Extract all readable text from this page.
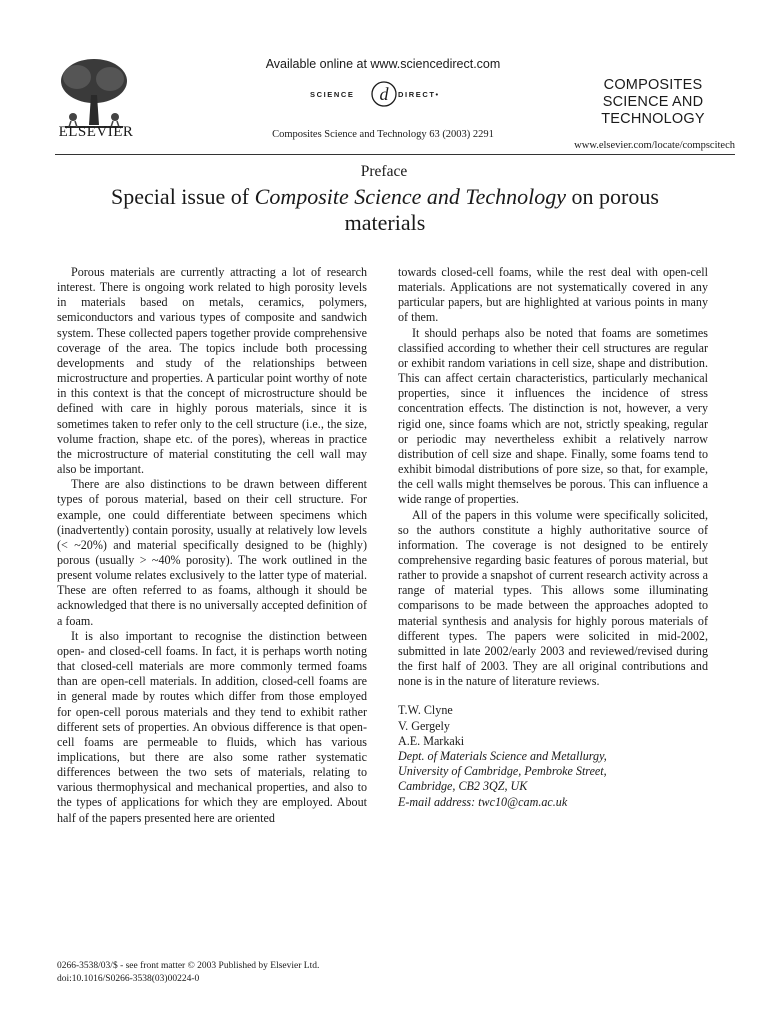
ELSEVIER
Available online at www.sciencedirect.com
SCIENCE d DIRECT•
Composites Science and Technology 63 (2003) 2291
COMPOSITES
SCIENCE AND
TECHNOLOGY
www.elsevier.com/locate/compscitech
Preface
Special issue of Composite Science and Technology on porous materials

Porous materials are currently attracting a lot of research interest. There is ongoing work related to high porosity levels in materials based on metals, ceramics, polymers, semiconductors and various types of composite and sandwich system. These collected papers together provide comprehensive coverage of the area. The topics include both processing developments and study of the relationships between microstructure and properties. A particular point worthy of note in this context is that the concept of microstructure should be defined with care in highly porous materials, since it is sometimes taken to refer only to the cell structure (i.e., the size, volume fraction, shape etc. of the pores), whereas in practice the microstructure of material constituting the cell wall may also be important.

There are also distinctions to be drawn between different types of porous material, based on their cell structure. For example, one could differentiate between specimens which (inadvertently) contain porosity, usually at relatively low levels (< ~20%) and material specifically designed to be (highly) porous (usually > ~40% porosity). The work outlined in the present volume relates exclusively to the latter type of material. These are often referred to as foams, although it should be acknowledged that there is no universally accepted definition of a foam.

It is also important to recognise the distinction between open- and closed-cell foams. In fact, it is perhaps worth noting that closed-cell materials are more commonly termed foams than are open-cell materials. In addition, closed-cell foams are in general made by routes which differ from those employed for open-cell porous materials and they tend to exhibit rather different sets of properties. An obvious difference is that open-cell foams are permeable to fluids, which has various implications, but there are also some rather systematic differences between the two sets of materials, relating to various thermophysical and mechanical properties, and also to the types of applications for which they are employed. About half of the papers presented here are oriented

towards closed-cell foams, while the rest deal with open-cell materials. Applications are not systematically covered in any particular papers, but are highlighted at various points in many of them.

It should perhaps also be noted that foams are sometimes classified according to whether their cell structures are regular or exhibit random variations in cell size, shape and distribution. This can affect certain characteristics, particularly mechanical properties, since it influences the incidence of stress concentration effects. The distinction is not, however, a very rigid one, since foams which are not, strictly speaking, regular or periodic may nevertheless exhibit a relatively narrow distribution of cell size and shape. Finally, some foams tend to exhibit bimodal distributions of pore size, so that, for example, the cell walls might themselves be porous. This can influence a wide range of properties.

All of the papers in this volume were specifically solicited, so the authors constitute a highly authoritative source of information. The coverage is not designed to be entirely comprehensive regarding basic features of porous material, but rather to provide a snapshot of current research activity across a range of material types. This allows some illuminating comparisons to be made between the approaches adopted to material synthesis and analysis for highly porous materials of different types. The papers were solicited in mid-2002, submitted in late 2002/early 2003 and reviewed/revised during the first half of 2003. They are all original contributions and none is in the nature of literature reviews.

T.W. Clyne
V. Gergely
A.E. Markaki
Dept. of Materials Science and Metallurgy,
University of Cambridge, Pembroke Street,
Cambridge, CB2 3QZ, UK
E-mail address: twc10@cam.ac.uk
0266-3538/03/$ - see front matter © 2003 Published by Elsevier Ltd.
doi:10.1016/S0266-3538(03)00224-0
